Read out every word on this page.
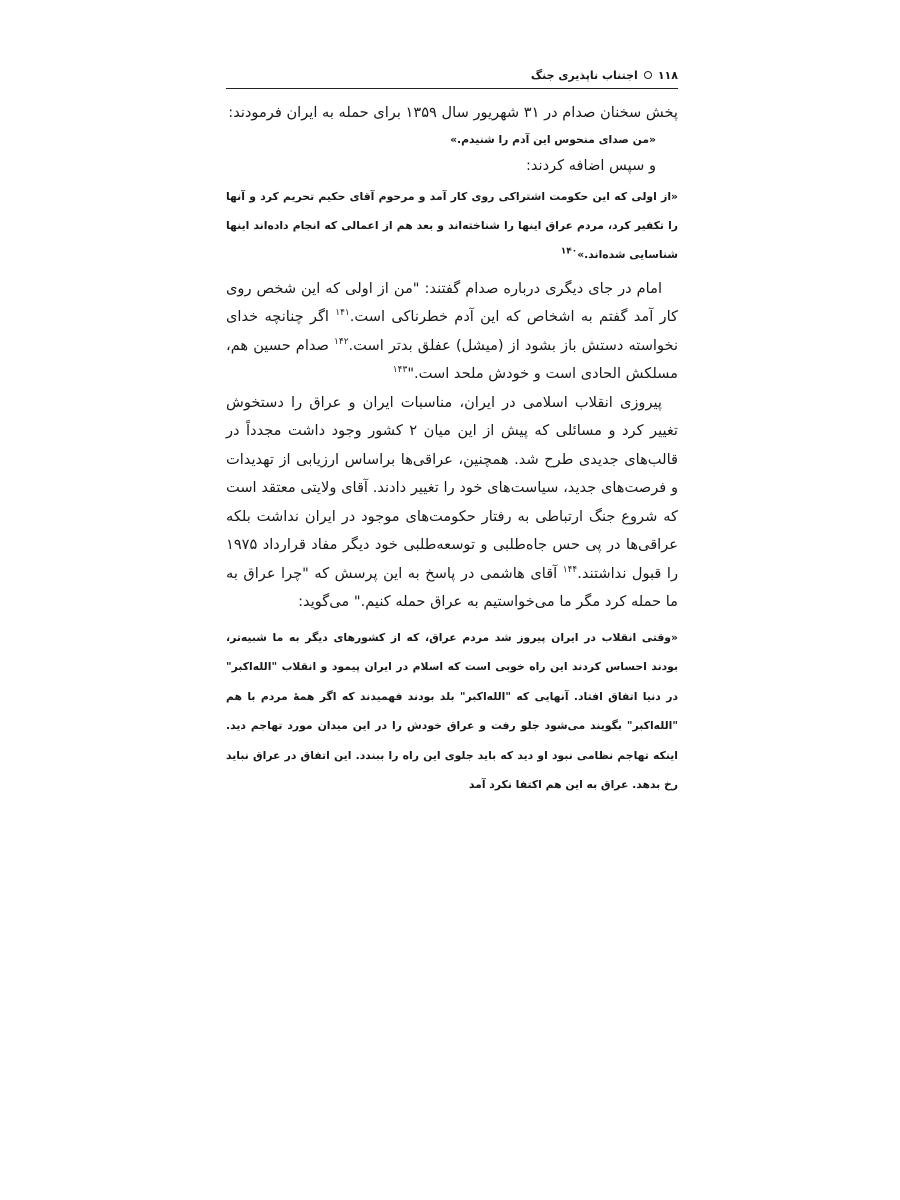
۱۱۸
اجتناب ناپذیری جنگ

پخش سخنان صدام در ۳۱ شهریور سال ۱۳۵۹ برای حمله به ایران فرمودند:

«من صدای منحوس این آدم را شنیدم.»

و سپس اضافه کردند:

«از اولی که این حکومت اشتراکی روی کار آمد و مرحوم آقای حکیم تحریم کرد و آنها را تکفیر کرد، مردم عراق اینها را شناخته‌اند و بعد هم از اعمالی که انجام داده‌اند اینها شناسایی شده‌اند.»$^{۱۴۰}$

امام در جای دیگری درباره صدام گفتند: "من از اولی که این شخص روی کار آمد گفتم به اشخاص که این آدم خطرناکی است.$^{۱۴۱}$ اگر چنانچه خدای نخواسته دستش باز بشود از (میشل) عفلق بدتر است.$^{۱۴۲}$ صدام حسین هم، مسلکش الحادی است و خودش ملحد است."$^{۱۴۳}$

پیروزی انقلاب اسلامی در ایران، مناسبات ایران و عراق را دستخوش تغییر کرد و مسائلی که پیش از این میان ۲ کشور وجود داشت مجدداً در قالب‌های جدیدی طرح شد. همچنین، عراقی‌ها براساس ارزیابی از تهدیدات و فرصت‌های جدید، سیاست‌های خود را تغییر دادند. آقای ولایتی معتقد است که شروع جنگ ارتباطی به رفتار حکومت‌های موجود در ایران نداشت بلکه عراقی‌ها در پی حس جاه‌طلبی و توسعه‌طلبی خود دیگر مفاد قرارداد ۱۹۷۵ را قبول نداشتند.$^{۱۴۴}$ آقای هاشمی در پاسخ به این پرسش که "چرا عراق به ما حمله کرد مگر ما می‌خواستیم به عراق حمله کنیم." می‌گوید:

«وقتی انقلاب در ایران پیروز شد مردم عراق، که از کشورهای دیگر به ما شبیه‌تر، بودند احساس کردند این راه خوبی است که اسلام در ایران پیمود و انقلاب "الله‌اکبر" در دنیا اتفاق افتاد. آنهایی که "الله‌اکبر" بلد بودند فهمیدند که اگر همهٔ مردم با هم "الله‌اکبر" بگویند می‌شود جلو رفت و عراق خودش را در این میدان مورد تهاجم دید. اینکه تهاجم نظامی نبود او دید که باید جلوی این راه را ببندد. این اتفاق در عراق نباید رخ بدهد. عراق به این هم اکتفا نکرد آمد
